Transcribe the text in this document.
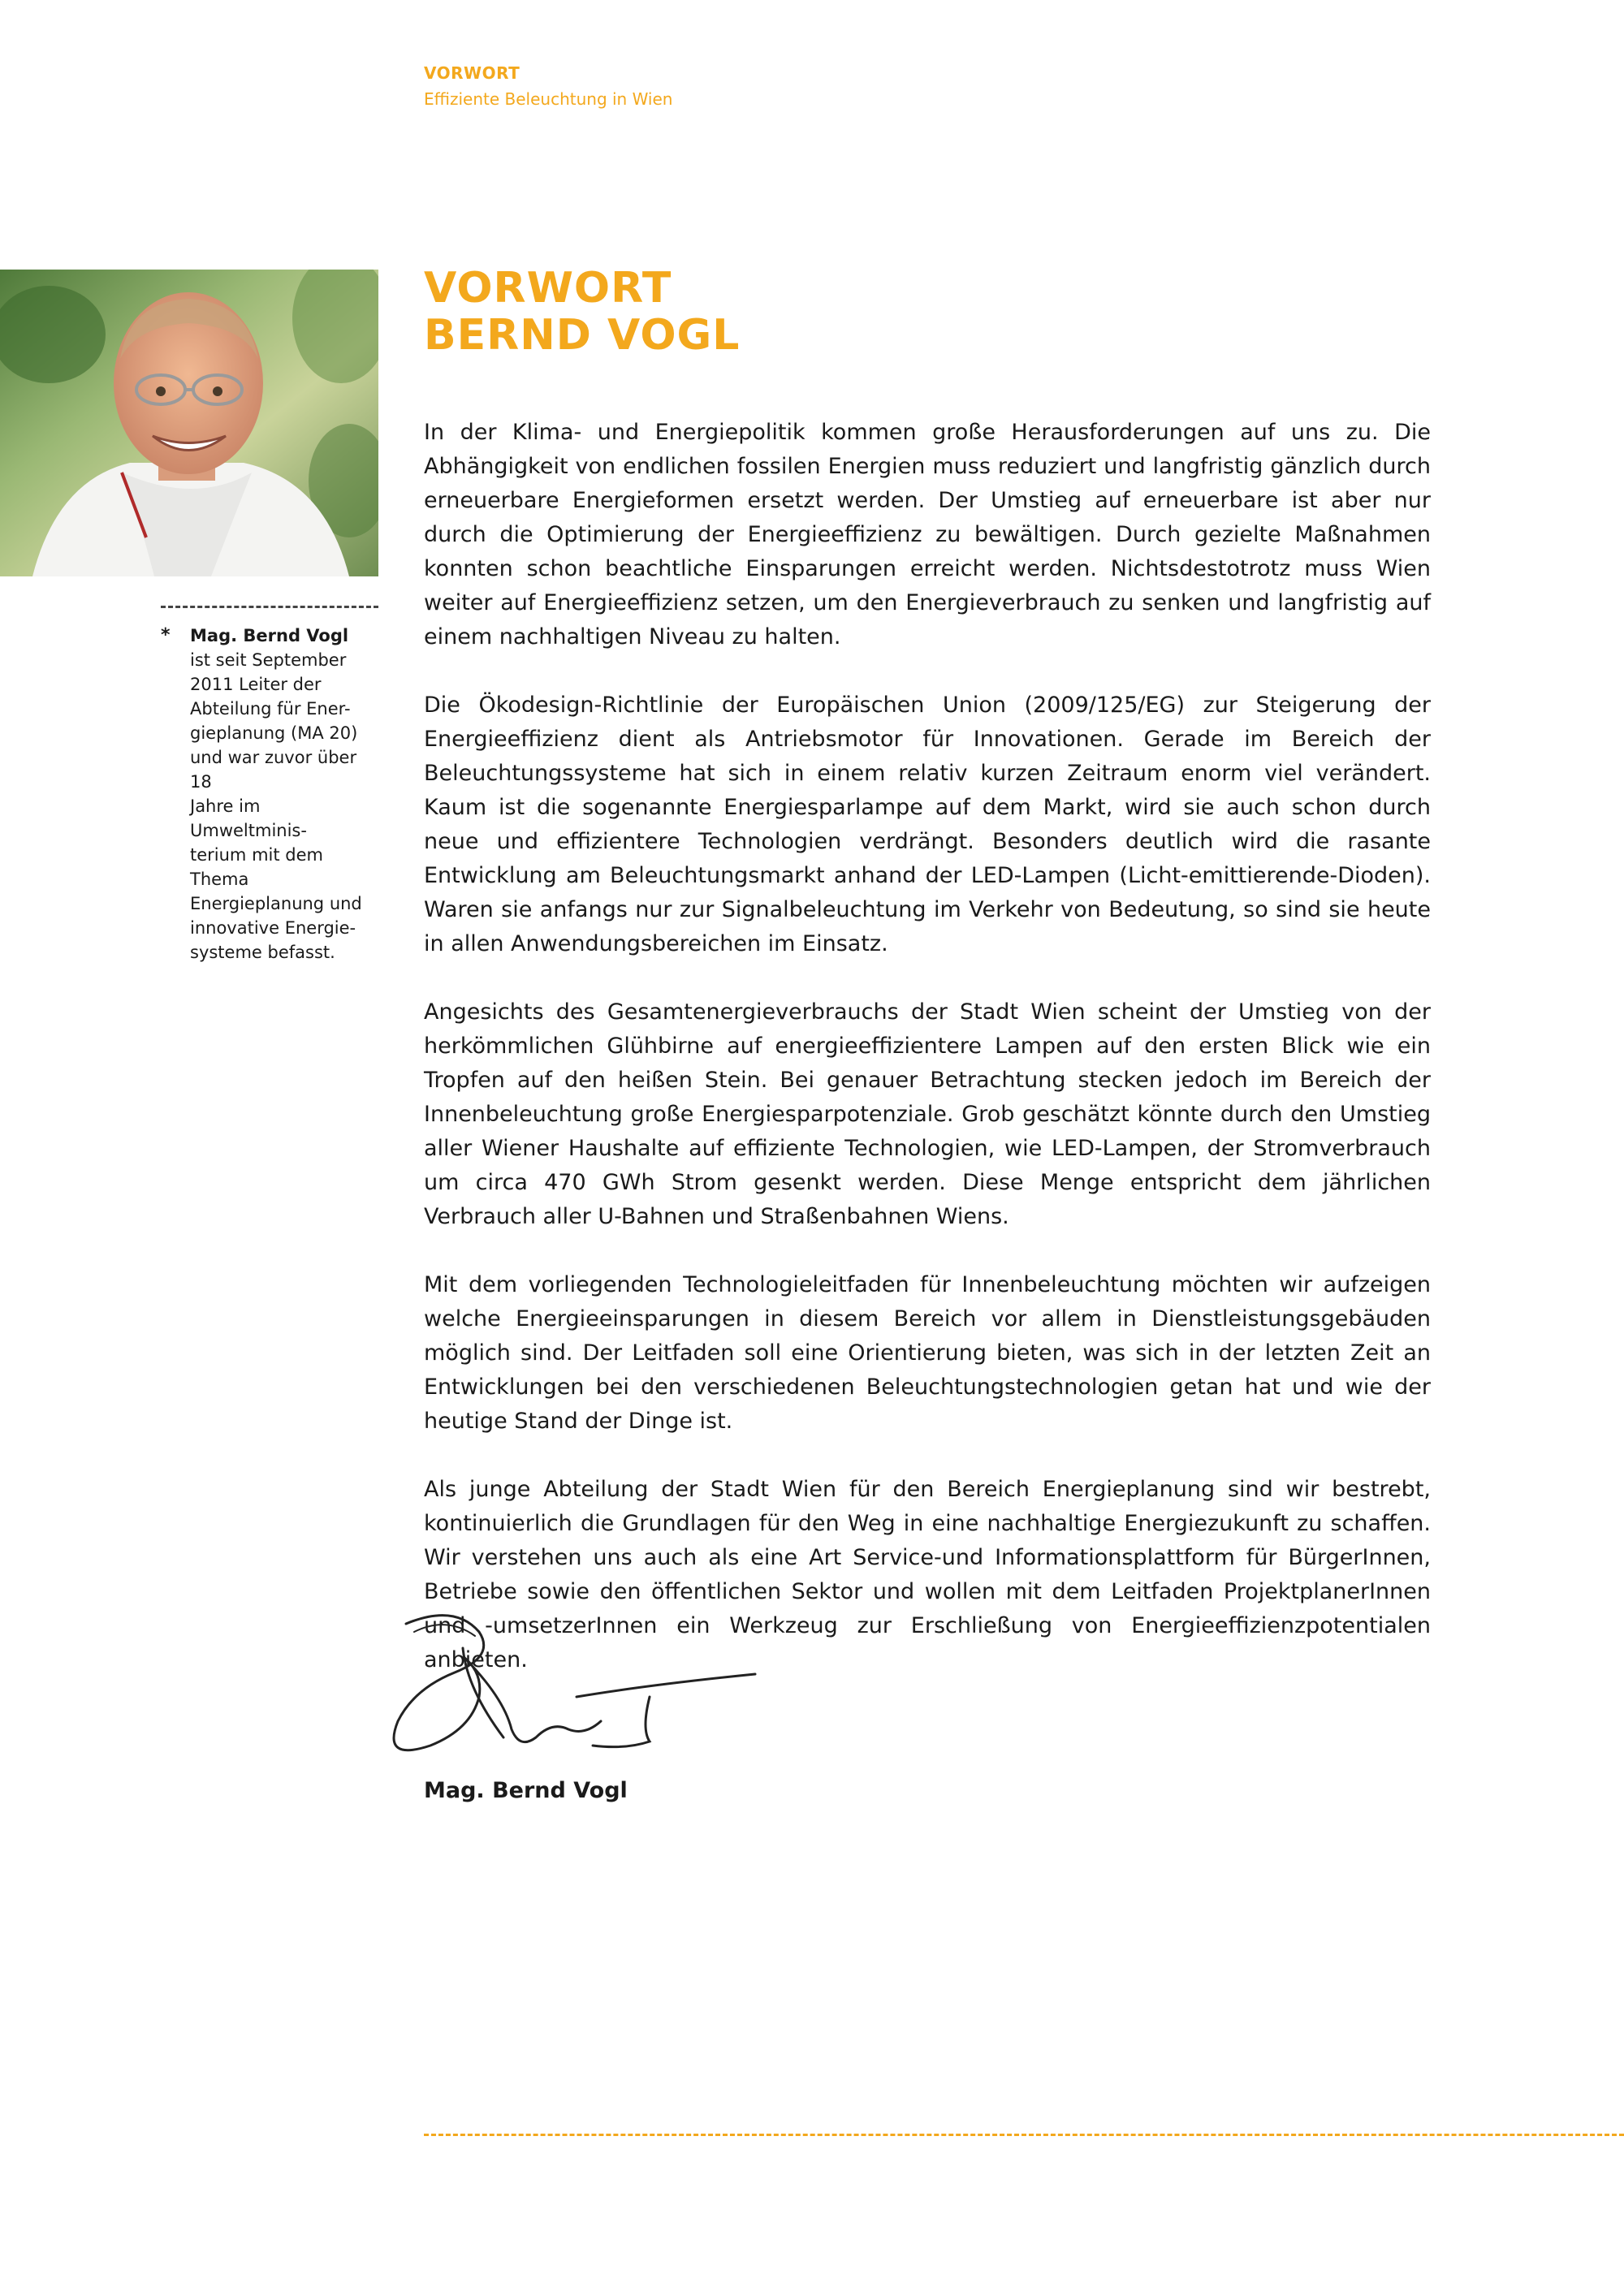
VORWORT
Effiziente Beleuchtung in Wien
*	Mag. Bernd Vogl
ist seit September
2011 Leiter der
Abteilung für Ener-
gieplanung (MA 20)
und war zuvor über 18
Jahre im Umweltminis-
terium mit dem Thema
Energieplanung und
innovative Energie-
systeme befasst.
VORWORT
BERND VOGL

In der Klima- und Energiepolitik kommen große Herausforderungen auf uns zu. Die Abhängigkeit von endlichen fossilen Energien muss reduziert und langfristig gänzlich durch erneuerbare Energieformen ersetzt werden. Der Umstieg auf erneuerbare ist aber nur durch die Optimierung der Energieeffizienz zu bewältigen. Durch gezielte Maßnahmen konnten schon beachtliche Einsparungen erreicht werden. Nichtsdestotrotz muss Wien weiter auf Energieeffizienz setzen, um den Energieverbrauch zu senken und langfristig auf einem nachhaltigen Niveau zu halten.

Die Ökodesign-Richtlinie der Europäischen Union (2009/125/EG) zur Steigerung der Energieeffizienz dient als Antriebsmotor für Innovationen. Gerade im Bereich der Beleuchtungssysteme hat sich in einem relativ kurzen Zeitraum enorm viel verändert. Kaum ist die sogenannte Energiesparlampe auf dem Markt, wird sie auch schon durch neue und effizientere Technologien verdrängt. Besonders deutlich wird die rasante Entwicklung am Beleuchtungsmarkt anhand der LED-Lampen (Licht-emittierende-Dioden). Waren sie anfangs nur zur Signalbeleuchtung im Verkehr von Bedeutung, so sind sie heute in allen Anwendungsbereichen im Einsatz.

Angesichts des Gesamtenergieverbrauchs der Stadt Wien scheint der Umstieg von der herkömmlichen Glühbirne auf energieeffizientere Lampen auf den ersten Blick wie ein Tropfen auf den heißen Stein. Bei genauer Betrachtung stecken jedoch im Bereich der Innenbeleuchtung große Energiesparpotenziale. Grob geschätzt könnte durch den Umstieg aller Wiener Haushalte auf effiziente Technologien, wie LED-Lampen, der Stromverbrauch um circa 470 GWh Strom gesenkt werden. Diese Menge entspricht dem jährlichen Verbrauch aller U-Bahnen und Straßenbahnen Wiens.

Mit dem vorliegenden Technologieleitfaden für Innenbeleuchtung möchten wir aufzeigen welche Energieeinsparungen in diesem Bereich vor allem in Dienstleistungsgebäuden möglich sind. Der Leitfaden soll eine Orientierung bieten, was sich in der letzten Zeit an Entwicklungen bei den verschiedenen Beleuchtungstechnologien getan hat und wie der heutige Stand der Dinge ist.

Als junge Abteilung der Stadt Wien für den Bereich Energieplanung sind wir bestrebt, kontinuierlich die Grundlagen für den Weg in eine nachhaltige Energiezukunft zu schaffen. Wir verstehen uns auch als eine Art Service-und Informationsplattform für BürgerInnen, Betriebe sowie den öffentlichen Sektor und wollen mit dem Leitfaden ProjektplanerInnen und -umsetzerInnen ein Werkzeug zur Erschließung von Energieeffizienzpotentialen anbieten.

Mag. Bernd Vogl
